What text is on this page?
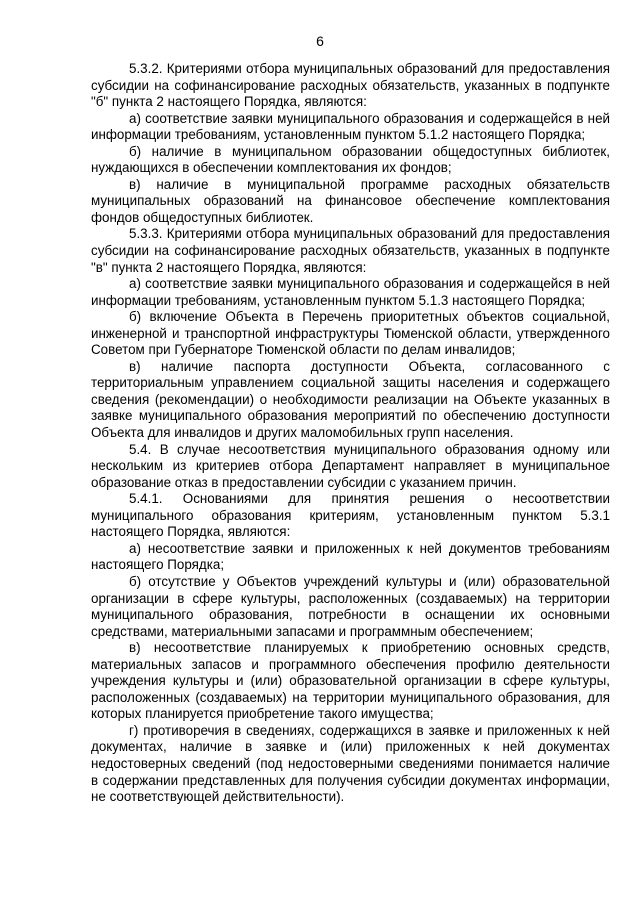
6

5.3.2. Критериями отбора муниципальных образований для предоставления субсидии на софинансирование расходных обязательств, указанных в подпункте "б" пункта 2 настоящего Порядка, являются:

а) соответствие заявки муниципального образования и содержащейся в ней информации требованиям, установленным пунктом 5.1.2 настоящего Порядка;

б) наличие в муниципальном образовании общедоступных библиотек, нуждающихся в обеспечении комплектования их фондов;

в) наличие в муниципальной программе расходных обязательств муниципальных образований на финансовое обеспечение комплектования фондов общедоступных библиотек.

5.3.3. Критериями отбора муниципальных образований для предоставления субсидии на софинансирование расходных обязательств, указанных в подпункте "в" пункта 2 настоящего Порядка, являются:

а) соответствие заявки муниципального образования и содержащейся в ней информации требованиям, установленным пунктом 5.1.3 настоящего Порядка;

б) включение Объекта в Перечень приоритетных объектов социальной, инженерной и транспортной инфраструктуры Тюменской области, утвержденного Советом при Губернаторе Тюменской области по делам инвалидов;

в) наличие паспорта доступности Объекта, согласованного с территориальным управлением социальной защиты населения и содержащего сведения (рекомендации) о необходимости реализации на Объекте указанных в заявке муниципального образования мероприятий по обеспечению доступности Объекта для инвалидов и других маломобильных групп населения.

5.4. В случае несоответствия муниципального образования одному или нескольким из критериев отбора Департамент направляет в муниципальное образование отказ в предоставлении субсидии с указанием причин.

5.4.1. Основаниями для принятия решения о несоответствии муниципального образования критериям, установленным пунктом 5.3.1 настоящего Порядка, являются:

а) несоответствие заявки и приложенных к ней документов требованиям настоящего Порядка;

б) отсутствие у Объектов учреждений культуры и (или) образовательной организации в сфере культуры, расположенных (создаваемых) на территории муниципального образования, потребности в оснащении их основными средствами, материальными запасами и программным обеспечением;

в) несоответствие планируемых к приобретению основных средств, материальных запасов и программного обеспечения профилю деятельности учреждения культуры и (или) образовательной организации в сфере культуры, расположенных (создаваемых) на территории муниципального образования, для которых планируется приобретение такого имущества;

г) противоречия в сведениях, содержащихся в заявке и приложенных к ней документах, наличие в заявке и (или) приложенных к ней документах недостоверных сведений (под недостоверными сведениями понимается наличие в содержании представленных для получения субсидии документах информации, не соответствующей действительности).
